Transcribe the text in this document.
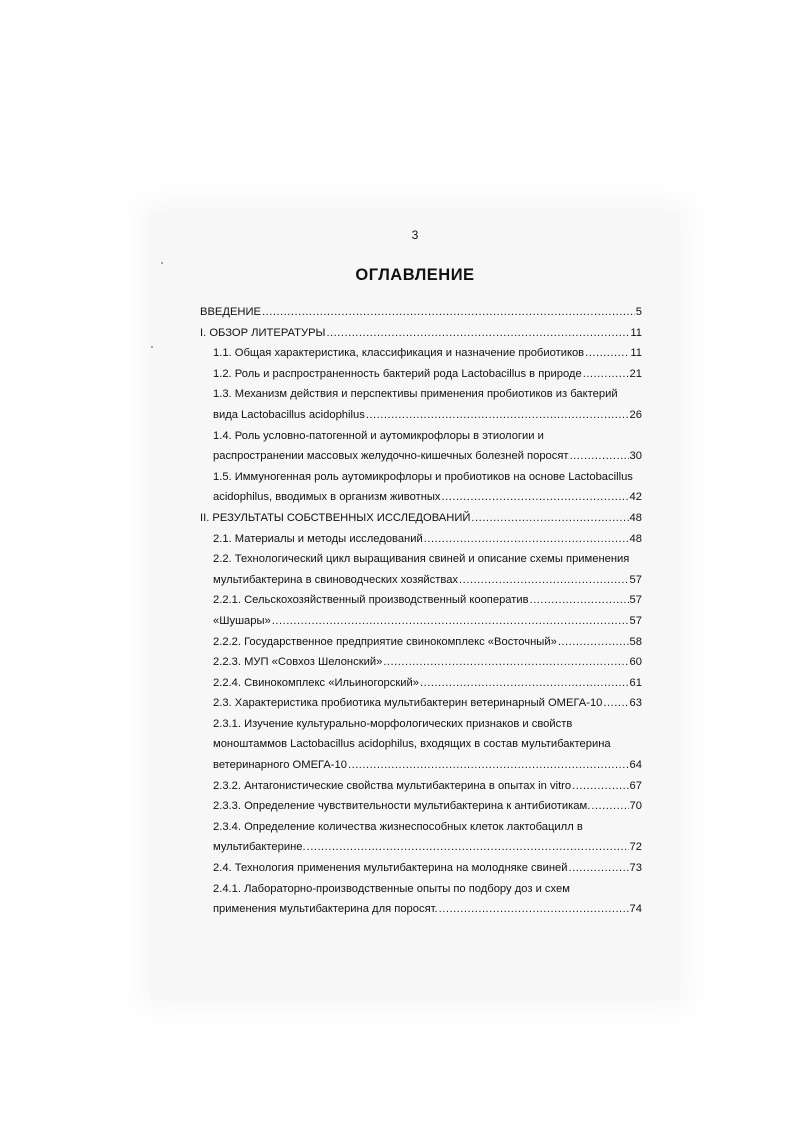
3
ОГЛАВЛЕНИЕ
ВВЕДЕНИЕ .....	5
I. ОБЗОР ЛИТЕРАТУРЫ .....	11
1.1. Общая характеристика, классификация и назначение пробиотиков .....	11
1.2. Роль и распространенность бактерий рода Lactobacillus в природе .....	21
1.3. Механизм действия и перспективы применения пробиотиков из бактерий
вида Lactobacillus acidophilus .....	26
1.4. Роль условно-патогенной и аутомикрофлоры в этиологии и
распространении массовых желудочно-кишечных болезней поросят .....	30
1.5. Иммуногенная роль аутомикрофлоры и пробиотиков на основе Lactobacillus
acidophilus, вводимых в организм животных .....	42
II. РЕЗУЛЬТАТЫ СОБСТВЕННЫХ ИССЛЕДОВАНИЙ .....	48
2.1. Материалы и методы исследований .....	48
2.2. Технологический цикл выращивания свиней и описание схемы применения
мультибактерина в свиноводческих хозяйствах .....	57
2.2.1. Сельскохозяйственный производственный кооператив .....	57
«Шушары» .....	57
2.2.2. Государственное предприятие свинокомплекс «Восточный» .....	58
2.2.3. МУП «Совхоз Шелонский» .....	60
2.2.4. Свинокомплекс «Ильиногорский» .....	61
2.3. Характеристика пробиотика мультибактерин ветеринарный ОМЕГА-10 ..... 63
2.3.1. Изучение культурально-морфологических признаков и свойств
моноштаммов Lactobacillus acidophilus, входящих в состав мультибактерина
ветеринарного ОМЕГА-10 .....	64
2.3.2. Антагонистические свойства мультибактерина в опытах in vitro .....	67
2.3.3. Определение чувствительности мультибактерина к антибиотикам. .....	70
2.3.4. Определение количества жизнеспособных клеток лактобацилл в
мультибактерине. .....	72
2.4. Технология применения мультибактерина на молодняке свиней .....	73
2.4.1. Лабораторно-производственные опыты по подбору доз и схем
применения мультибактерина для поросят. .....	74
